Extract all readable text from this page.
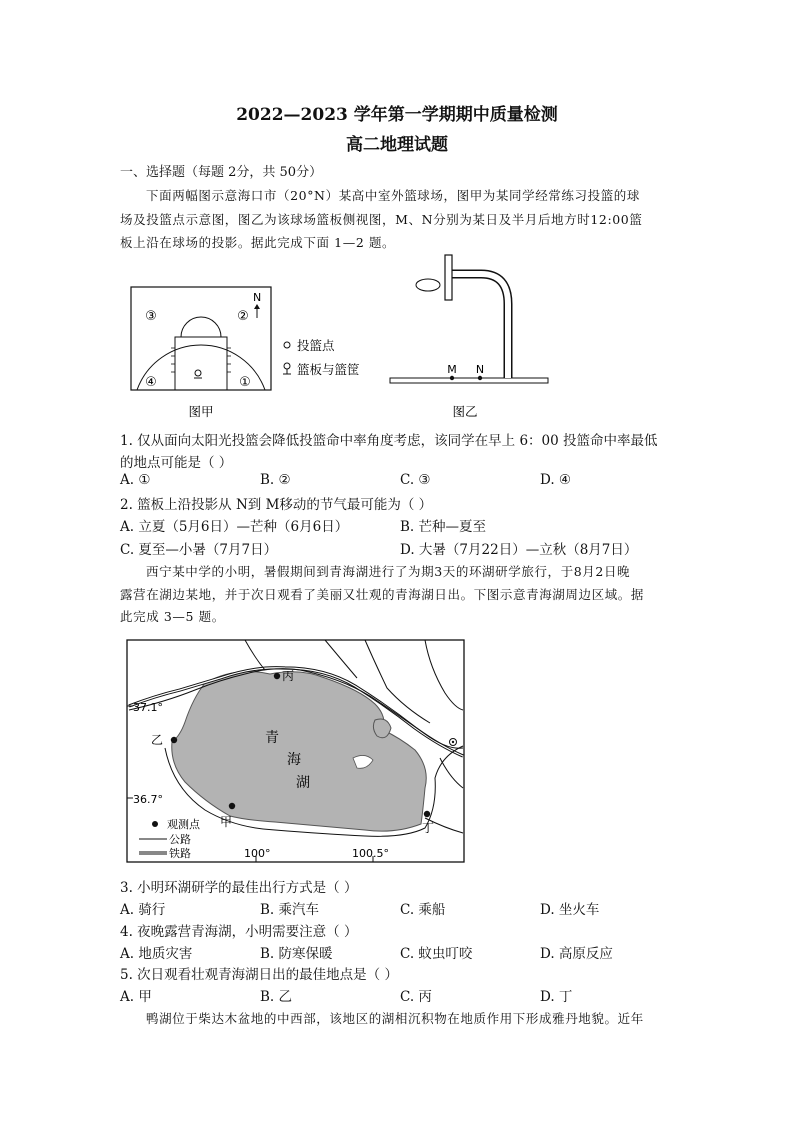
2022—2023 学年第一学期期中质量检测
高二地理试题
一、选择题（每题 2分，共 50分）
下面两幅图示意海口市（20°N）某高中室外篮球场，图甲为某同学经常练习投篮的球
场及投篮点示意图，图乙为该球场篮板侧视图，M、N分别为某日及半月后地方时12:00篮
板上沿在球场的投影。据此完成下面 1—2 题。
N
③	②
④	①
投篮点
篮板与篮筐
图甲
M N
图乙
1. 仅从面向太阳光投篮会降低投篮命中率角度考虑，该同学在早上 6：00 投篮命中率最低
的地点可能是（ ）
A. ①	B. ②	C. ③	D. ④
2. 篮板上沿投影从 N到 M移动的节气最可能为（ ）
A. 立夏（5月6日）—芒种（6月6日）	B. 芒种—夏至
C. 夏至—小暑（7月7日）	D. 大暑（7月22日）—立秋（8月7日）
西宁某中学的小明，暑假期间到青海湖进行了为期3天的环湖研学旅行，于8月2日晚
露营在湖边某地，并于次日观看了美丽又壮观的青海湖日出。下图示意青海湖周边区域。据
此完成 3—5 题。
青
海
湖
丙
乙
甲	丁
37.1°
36.7°
100°	100.5°
观测点
公路
铁路
3. 小明环湖研学的最佳出行方式是（ ）
A. 骑行	B. 乘汽车	C. 乘船	D. 坐火车
4. 夜晚露营青海湖，小明需要注意（ ）
A. 地质灾害	B. 防寒保暖	C. 蚊虫叮咬	D. 高原反应
5. 次日观看壮观青海湖日出的最佳地点是（ ）
A. 甲	B. 乙	C. 丙	D. 丁
鸭湖位于柴达木盆地的中西部，该地区的湖相沉积物在地质作用下形成雅丹地貌。近年
